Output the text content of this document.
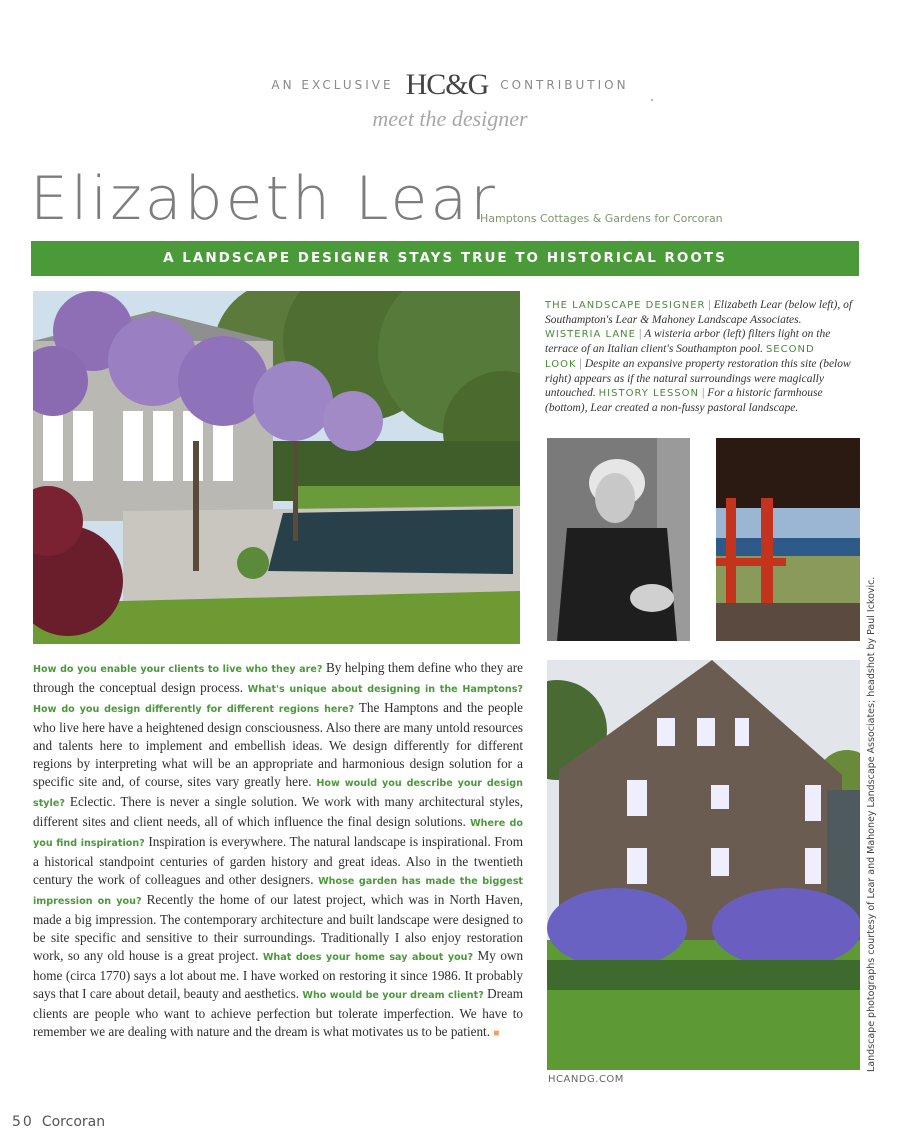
AN EXCLUSIVE HC&G CONTRIBUTION
meet the designer
Elizabeth Lear
Hamptons Cottages & Gardens for Corcoran
A LANDSCAPE DESIGNER STAYS TRUE TO HISTORICAL ROOTS
THE LANDSCAPE DESIGNER | Elizabeth Lear (below left), of Southampton's Lear & Mahoney Landscape Associates. WISTERIA LANE | A wisteria arbor (left) filters light on the terrace of an Italian client's Southampton pool. SECOND LOOK | Despite an expansive property restoration this site (below right) appears as if the natural surroundings were magically untouched. HISTORY LESSON | For a historic farmhouse (bottom), Lear created a non-fussy pastoral landscape.
How do you enable your clients to live who they are? By helping them define who they are through the conceptual design process. What's unique about designing in the Hamptons? How do you design differently for different regions here? The Hamptons and the people who live here have a heightened design consciousness. Also there are many untold resources and talents here to implement and embellish ideas. We design differently for different regions by interpreting what will be an appropriate and harmonious design solution for a specific site and, of course, sites vary greatly here. How would you describe your design style? Eclectic. There is never a single solution. We work with many architectural styles, different sites and client needs, all of which influence the final design solutions. Where do you find inspiration? Inspiration is everywhere. The natural landscape is inspirational. From a historical standpoint centuries of garden history and great ideas. Also in the twentieth century the work of colleagues and other designers. Whose garden has made the biggest impression on you? Recently the home of our latest project, which was in North Haven, made a big impression. The contemporary architecture and built landscape were designed to be site specific and sensitive to their surroundings. Traditionally I also enjoy restoration work, so any old house is a great project. What does your home say about you? My own home (circa 1770) says a lot about me. I have worked on restoring it since 1986. It probably says that I care about detail, beauty and aesthetics. Who would be your dream client? Dream clients are people who want to achieve perfection but tolerate imperfection. We have to remember we are dealing with nature and the dream is what motivates us to be patient. ■	Landscape photographs courtesy of Lear and Mahoney Landscape Associates; headshot by Paul Ickovic.
HCANDG.COM
50 Corcoran
